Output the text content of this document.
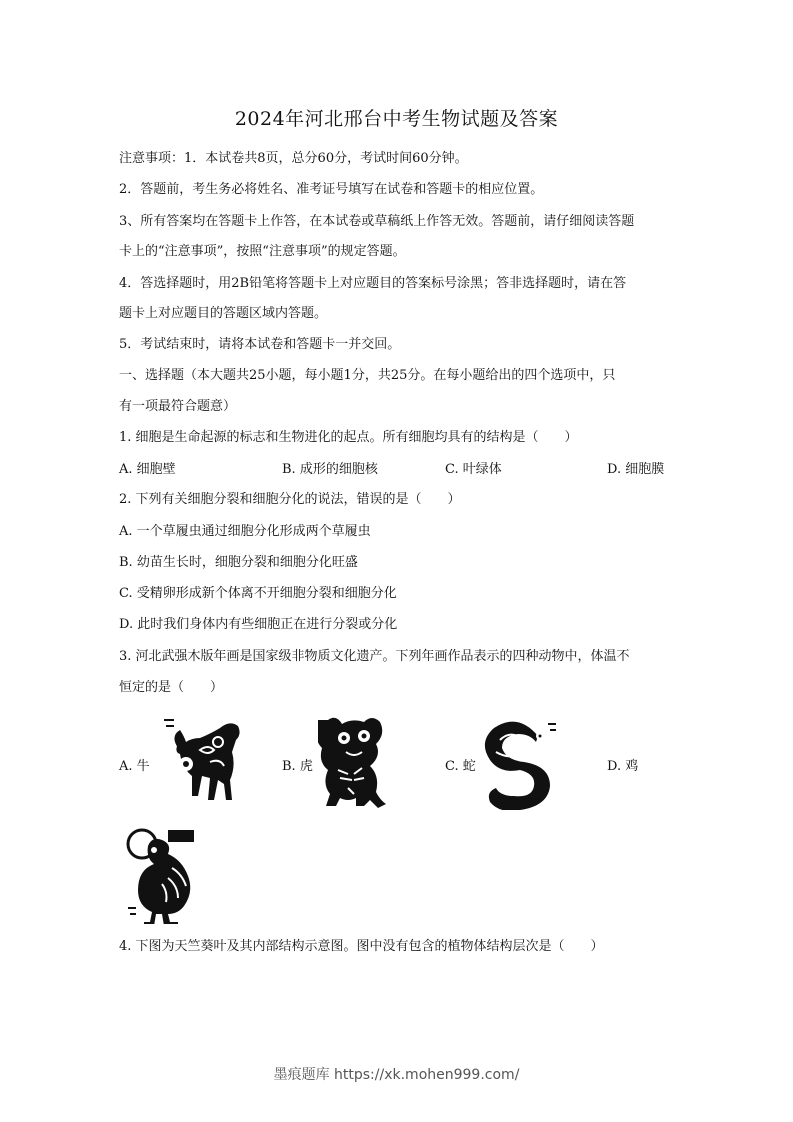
2024年河北邢台中考生物试题及答案
注意事项：1．本试卷共8页，总分60分，考试时间60分钟。
2．答题前，考生务必将姓名、准考证号填写在试卷和答题卡的相应位置。
3、所有答案均在答题卡上作答，在本试卷或草稿纸上作答无效。答题前，请仔细阅读答题
卡上的“注意事项”，按照“注意事项”的规定答题。
4．答选择题时，用2B铅笔将答题卡上对应题目的答案标号涂黑；答非选择题时，请在答
题卡上对应题目的答题区域内答题。
5．考试结束时，请将本试卷和答题卡一并交回。
一、选择题（本大题共25小题，每小题1分，共25分。在每小题给出的四个选项中，只
有一项最符合题意）
1. 细胞是生命起源的标志和生物进化的起点。所有细胞均具有的结构是（　　）
A. 细胞壁	B. 成形的细胞核	C. 叶绿体	D. 细胞膜
2. 下列有关细胞分裂和细胞分化的说法，错误的是（　　）
A. 一个草履虫通过细胞分化形成两个草履虫
B. 幼苗生长时，细胞分裂和细胞分化旺盛
C. 受精卵形成新个体离不开细胞分裂和细胞分化
D. 此时我们身体内有些细胞正在进行分裂或分化
3. 河北武强木版年画是国家级非物质文化遗产。下列年画作品表示的四种动物中，体温不
恒定的是（　　）
A. 牛	B. 虎	C. 蛇	D. 鸡
4. 下图为天竺葵叶及其内部结构示意图。图中没有包含的植物体结构层次是（　　）
墨痕题库 https://xk.mohen999.com/
